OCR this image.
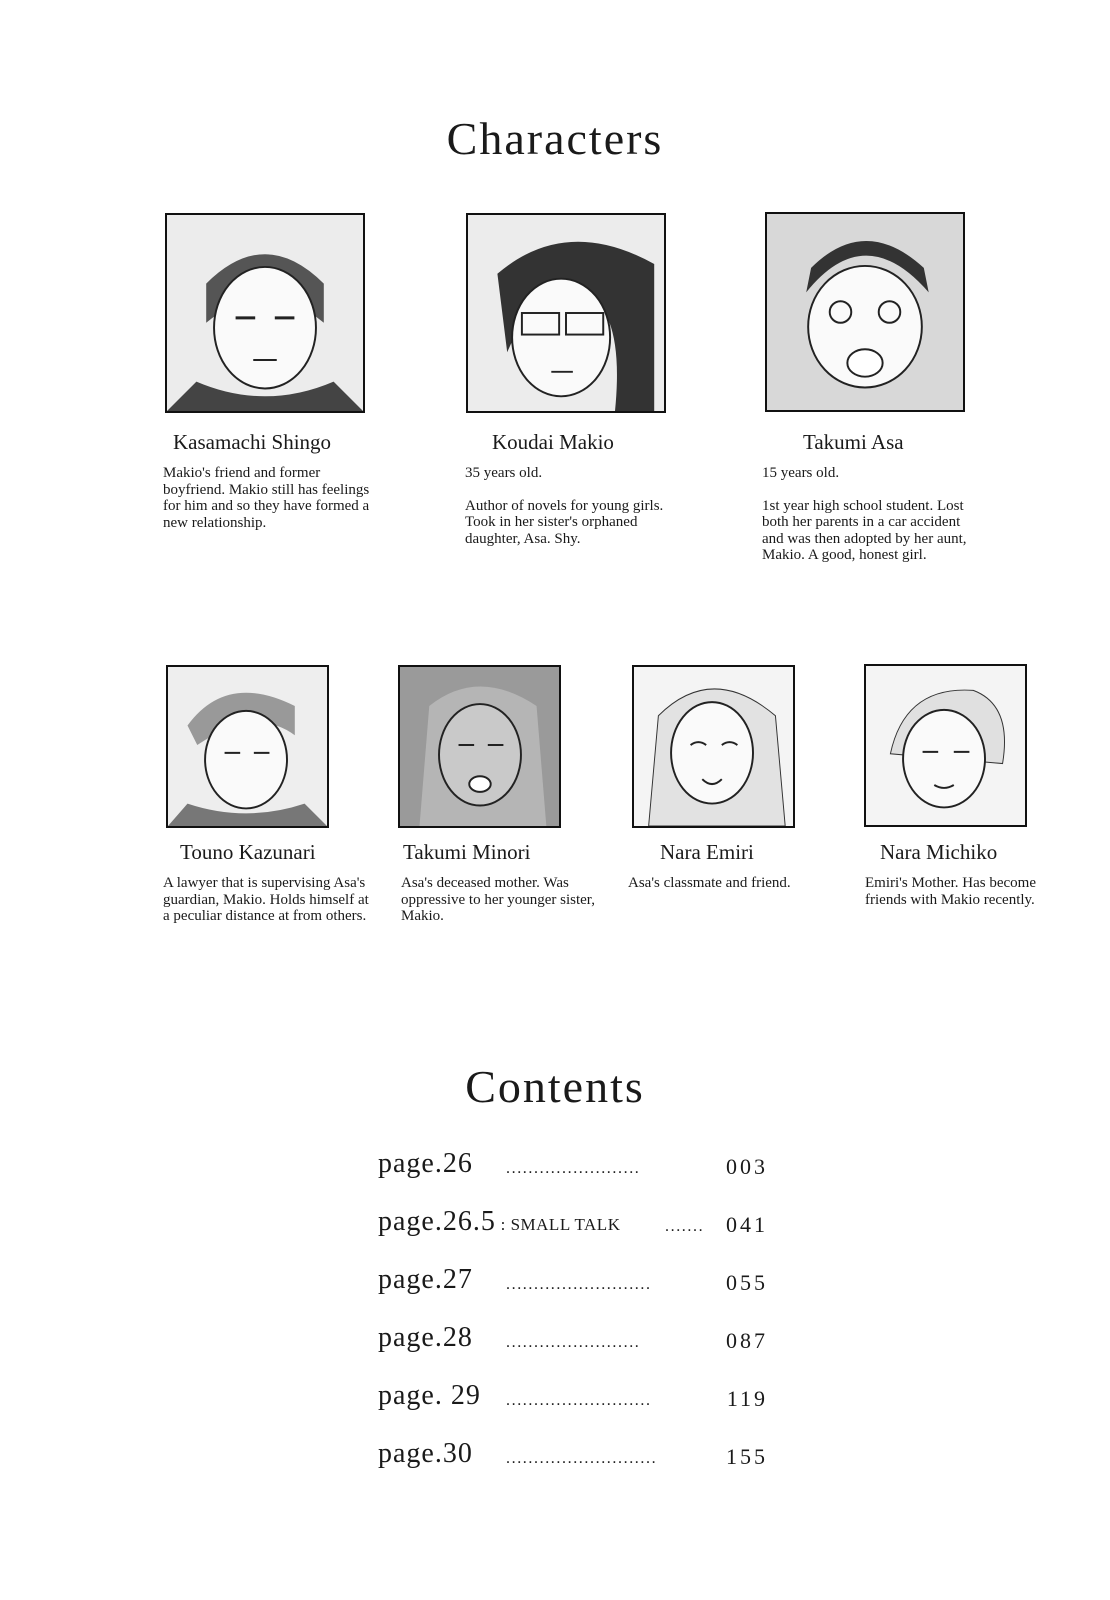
Characters
Kasamachi Shingo

Makio's friend and former boyfriend. Makio still has feelings for him and so they have formed a new relationship.

Koudai Makio

35 years old.

Author of novels for young girls. Took in her sister's orphaned daughter, Asa. Shy.

Takumi Asa

15 years old.

1st year high school student. Lost both her parents in a car accident and was then adopted by her aunt, Makio. A good, honest girl.

Touno Kazunari

A lawyer that is supervising Asa's guardian, Makio. Holds himself at a peculiar distance at from others.

Takumi Minori

Asa's deceased mother. Was oppressive to her younger sister, Makio.

Nara Emiri

Asa's classmate and friend.

Nara Michiko

Emiri's Mother. Has become friends with Makio recently.

Contents
page.26 ........................	003
page.26.5 : SMALL TALK	....... 041
page.27 ..........................	055
page.28 ........................	087
page. 29 ..........................	119
page.30 ...........................	155
